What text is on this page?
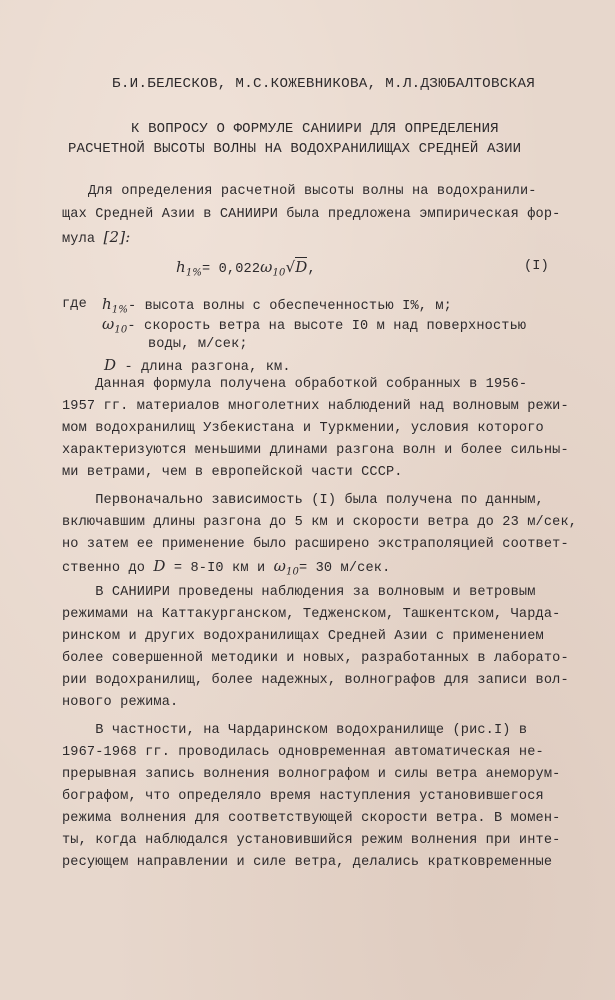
Б.И.БЕЛЕСКОВ, М.С.КОЖЕВНИКОВА, М.Л.ДЗЮБАЛТОВСКАЯ
К ВОПРОСУ О ФОРМУЛЕ САНИИРИ ДЛЯ ОПРЕДЕЛЕНИЯ
РАСЧЕТНОЙ ВЫСОТЫ ВОЛНЫ НА ВОДОХРАНИЛИЩАХ СРЕДНЕЙ АЗИИ
Для определения расчетной высоты волны на водохранили-
щах Средней Азии в САНИИРИ была предложена эмпирическая фор-
мула [2]:
$h_{1\%}= 0,022\omega_{10}√D$,	(I)
где $h_{1\%}-$ высота волны с обеспеченностью I%, м;
$\omega_{10}-$ скорость ветра на высоте I0 м над поверхностью
воды, м/сек;
D - длина разгона, км.
Данная формула получена обработкой собранных в 1956-
1957 гг. материалов многолетних наблюдений над волновым режи-
мом водохранилищ Узбекистана и Туркмении, условия которого
характеризуются меньшими длинами разгона волн и более сильны-
ми ветрами, чем в европейской части СССР.
Первоначально зависимость (I) была получена по данным,
включавшим длины разгона до 5 км и скорости ветра до 23 м/сек,
но затем ее применение было расширено экстраполяцией соответ-
ственно до D = 8-I0 км и $\omega_{10}= 30$ м/сек.
В САНИИРИ проведены наблюдения за волновым и ветровым
режимами на Каттакурганском, Тедженском, Ташкентском, Чарда-
ринском и других водохранилищах Средней Азии с применением
более совершенной методики и новых, разработанных в лаборато-
рии водохранилищ, более надежных, волнографов для записи вол-
нового режима.
В частности, на Чардаринском водохранилище (рис.I) в
1967-1968 гг. проводилась одновременная автоматическая не-
прерывная запись волнения волнографом и силы ветра анеморум-
бографом, что определяло время наступления установившегося
режима волнения для соответствующей скорости ветра. В момен-
ты, когда наблюдался установившийся режим волнения при инте-
ресующем направлении и силе ветра, делались кратковременные
